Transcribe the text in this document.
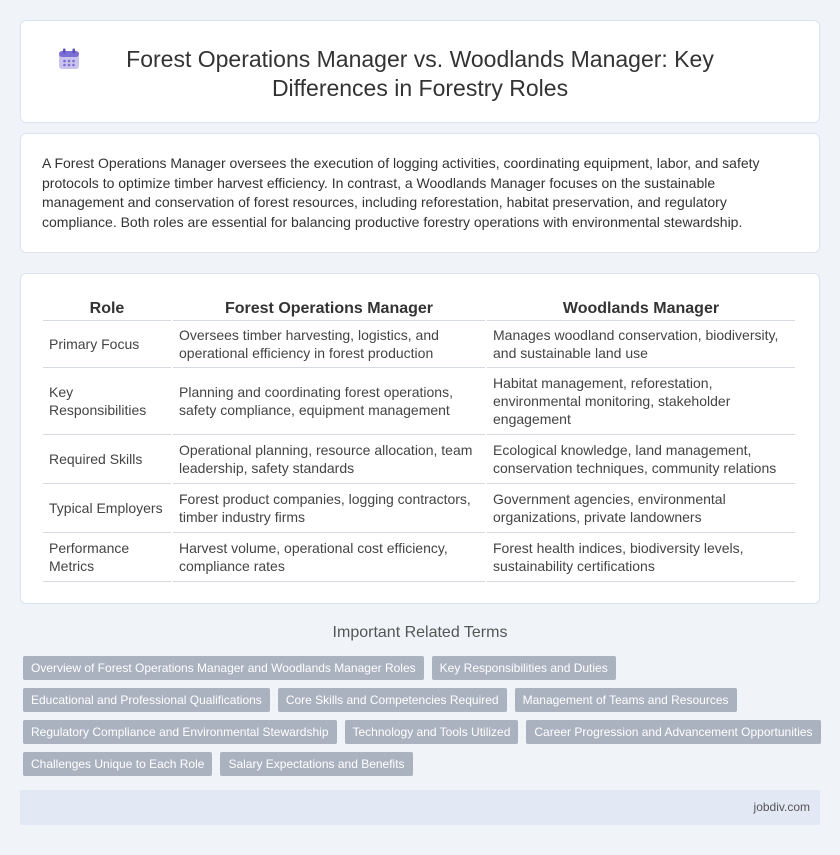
Forest Operations Manager vs. Woodlands Manager: Key Differences in Forestry Roles

A Forest Operations Manager oversees the execution of logging activities, coordinating equipment, labor, and safety protocols to optimize timber harvest efficiency. In contrast, a Woodlands Manager focuses on the sustainable management and conservation of forest resources, including reforestation, habitat preservation, and regulatory compliance. Both roles are essential for balancing productive forestry operations with environmental stewardship.

Role	Forest Operations Manager	Woodlands Manager
Primary Focus	Oversees timber harvesting, logistics, and operational efficiency in forest production	Manages woodland conservation, biodiversity, and sustainable land use
Key Responsibilities	Planning and coordinating forest operations, safety compliance, equipment management	Habitat management, reforestation, environmental monitoring, stakeholder engagement
Required Skills	Operational planning, resource allocation, team leadership, safety standards	Ecological knowledge, land management, conservation techniques, community relations
Typical Employers	Forest product companies, logging contractors, timber industry firms	Government agencies, environmental organizations, private landowners
Performance Metrics	Harvest volume, operational cost efficiency, compliance rates	Forest health indices, biodiversity levels, sustainability certifications
Important Related Terms
Overview of Forest Operations Manager and Woodlands Manager Roles	Key Responsibilities and Duties
Educational and Professional Qualifications	Core Skills and Competencies Required	Management of Teams and Resources
Regulatory Compliance and Environmental Stewardship	Technology and Tools Utilized	Career Progression and Advancement Opportunities
Challenges Unique to Each Role	Salary Expectations and Benefits
jobdiv.com
